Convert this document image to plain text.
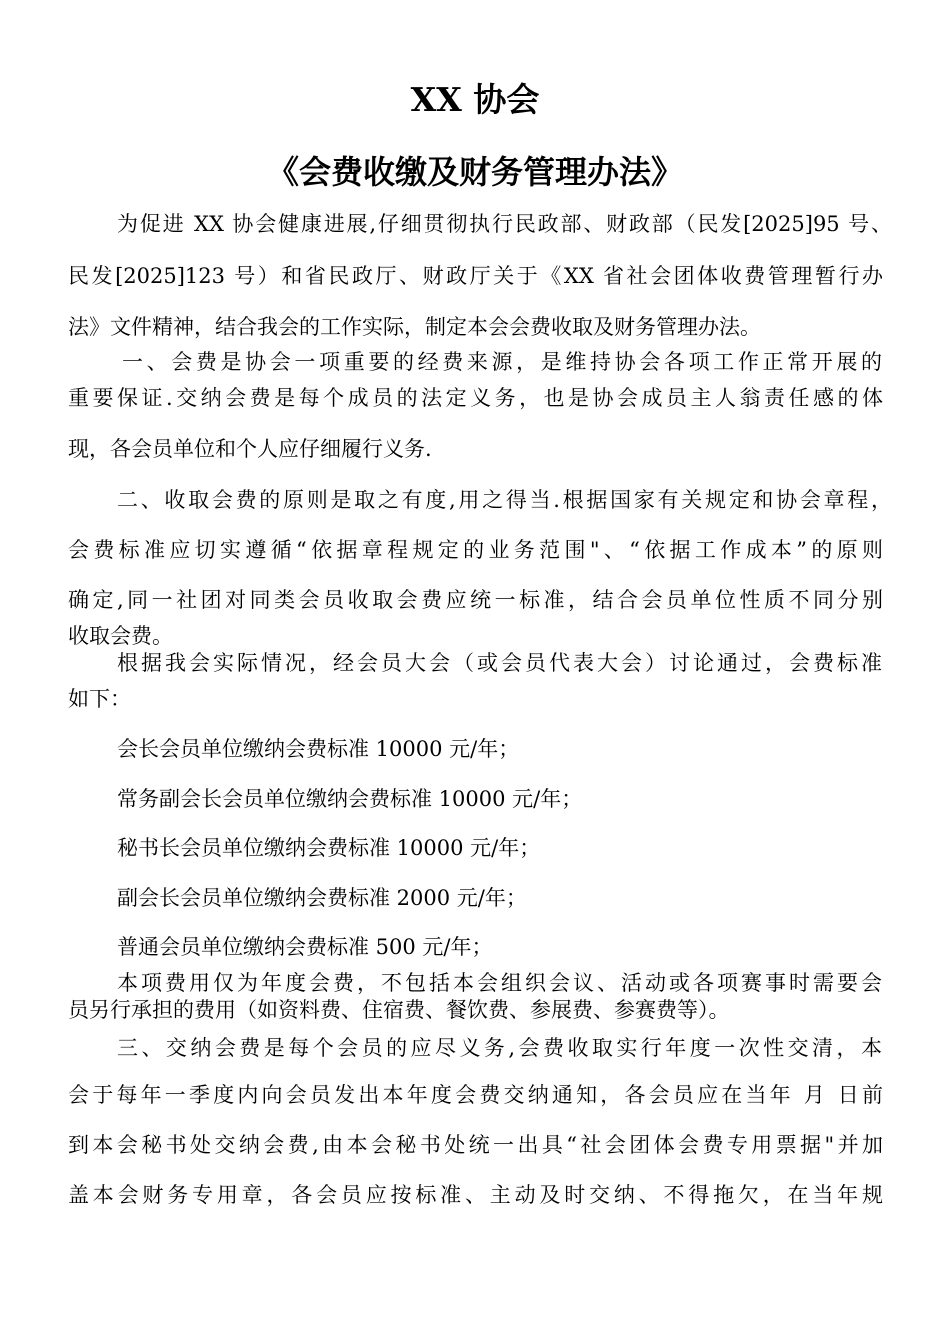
XX 协会
《会费收缴及财务管理办法》
为促进 XX 协会健康进展,仔细贯彻执行民政部、财政部（民发[2025]95 号、
民发[2025]123 号）和省民政厅、财政厅关于《XX 省社会团体收费管理暂行办
法》文件精神，结合我会的工作实际，制定本会会费收取及财务管理办法。
一、会费是协会一项重要的经费来源，是维持协会各项工作正常开展的
重要保证.交纳会费是每个成员的法定义务，也是协会成员主人翁责任感的体
现，各会员单位和个人应仔细履行义务.
二、收取会费的原则是取之有度,用之得当.根据国家有关规定和协会章程，
会费标准应切实遵循“依据章程规定的业务范围"、“依据工作成本”的原则
确定,同一社团对同类会员收取会费应统一标准，结合会员单位性质不同分别
收取会费。
根据我会实际情况，经会员大会（或会员代表大会）讨论通过，会费标准
如下：
会长会员单位缴纳会费标准 10000 元/年；
常务副会长会员单位缴纳会费标准 10000 元/年；
秘书长会员单位缴纳会费标准 10000 元/年；
副会长会员单位缴纳会费标准 2000 元/年；
普通会员单位缴纳会费标准 500 元/年；
本项费用仅为年度会费，不包括本会组织会议、活动或各项赛事时需要会
员另行承担的费用（如资料费、住宿费、餐饮费、参展费、参赛费等）。
三、交纳会费是每个会员的应尽义务,会费收取实行年度一次性交清，本
会于每年一季度内向会员发出本年度会费交纳通知，各会员应在当年 月 日前
到本会秘书处交纳会费,由本会秘书处统一出具“社会团体会费专用票据"并加
盖本会财务专用章，各会员应按标准、主动及时交纳、不得拖欠，在当年规
